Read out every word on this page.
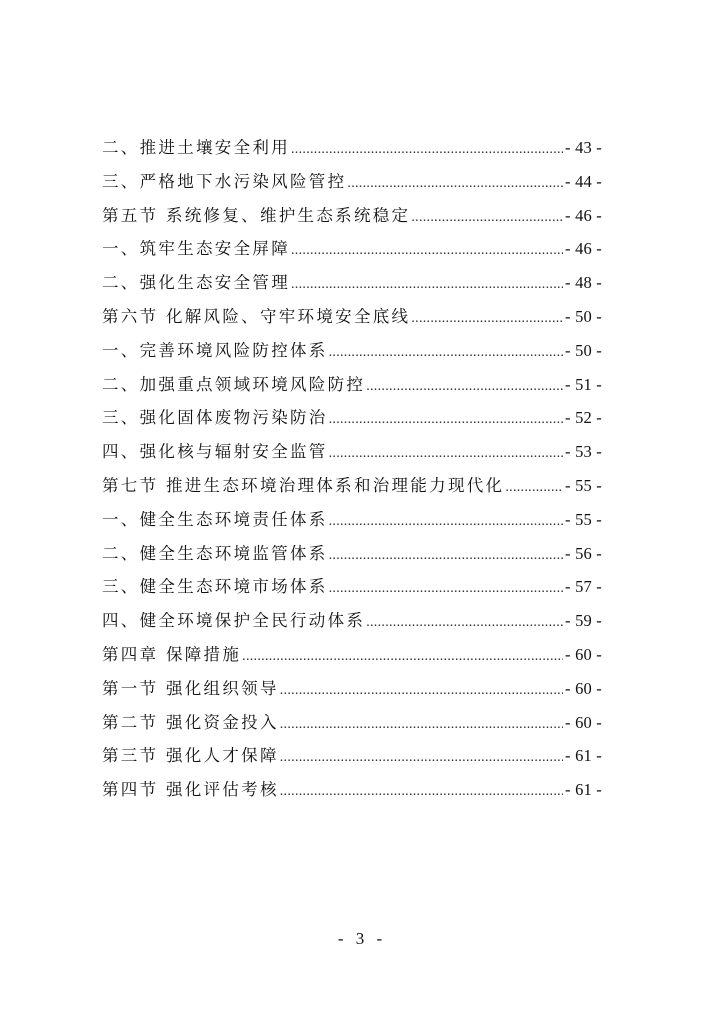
二、推进土壤安全利用 .....	- 43 -
三、严格地下水污染风险管控 .....	- 44 -
第五节 系统修复、维护生态系统稳定 .....	- 46 -
一、筑牢生态安全屏障 .....	- 46 -
二、强化生态安全管理 .....	- 48 -
第六节 化解风险、守牢环境安全底线 .....	- 50 -
一、完善环境风险防控体系 .....	- 50 -
二、加强重点领域环境风险防控 .....	- 51 -
三、强化固体废物污染防治 .....	- 52 -
四、强化核与辐射安全监管 .....	- 53 -
第七节 推进生态环境治理体系和治理能力现代化 .....	- 55 -
一、健全生态环境责任体系 .....	- 55 -
二、健全生态环境监管体系 .....	- 56 -
三、健全生态环境市场体系 .....	- 57 -
四、健全环境保护全民行动体系 .....	- 59 -
第四章 保障措施 .....	- 60 -
第一节 强化组织领导 .....	- 60 -
第二节 强化资金投入 .....	- 60 -
第三节 强化人才保障 .....	- 61 -
第四节 强化评估考核 .....	- 61 -
- 3 -
